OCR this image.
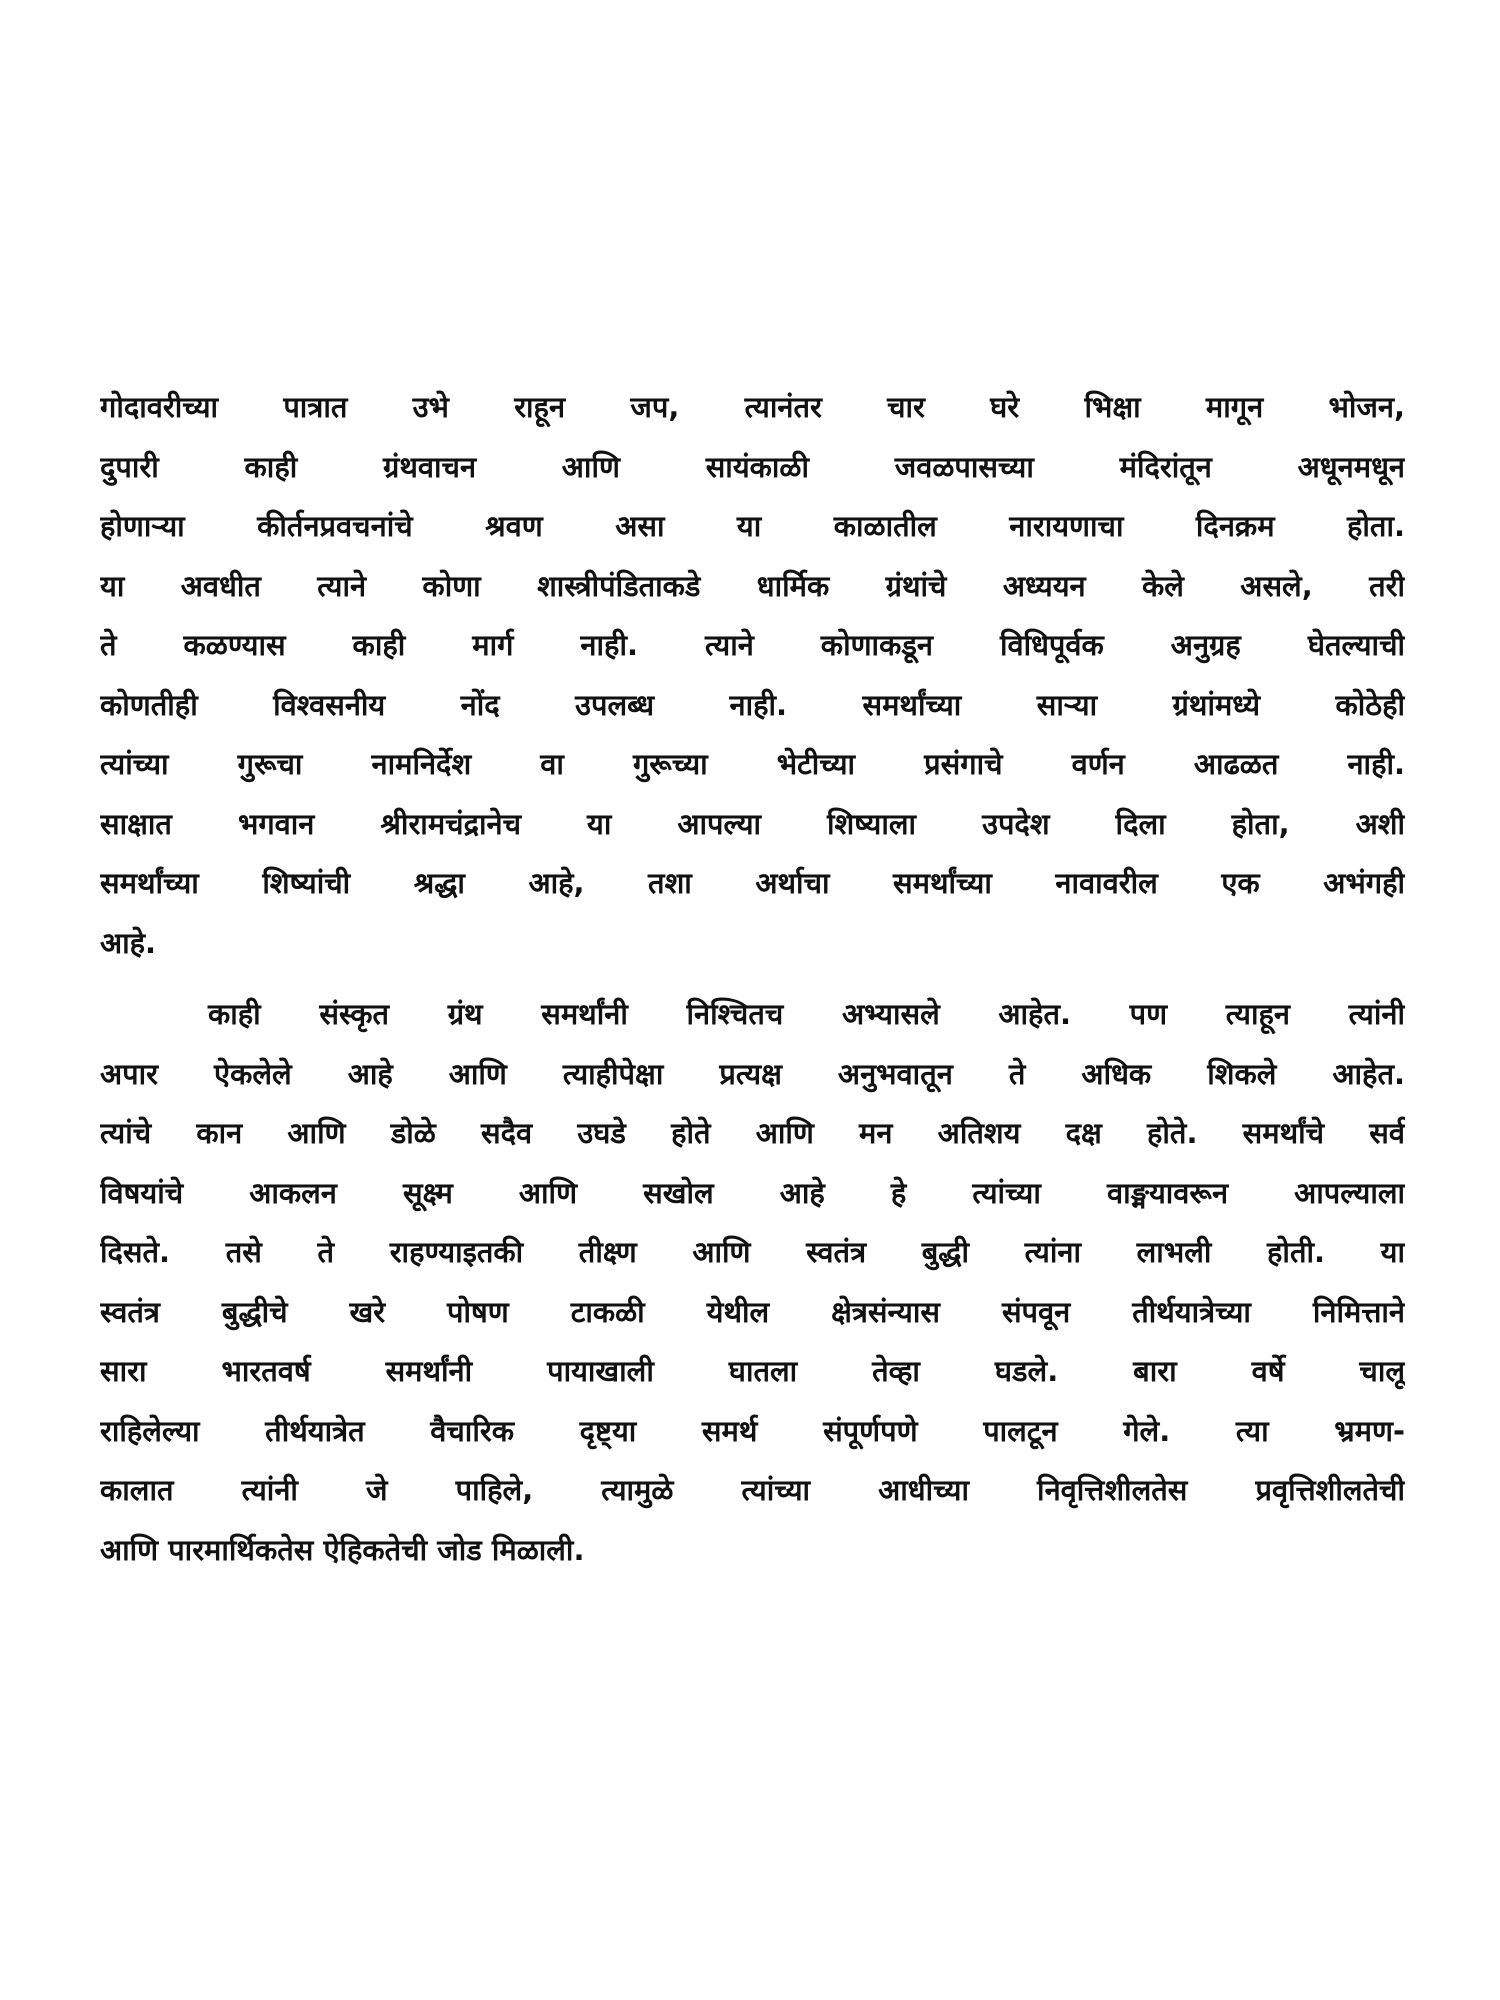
गोदावरीच्या पात्रात उभे राहून जप, त्यानंतर चार घरे भिक्षा मागून भोजन,
दुपारी काही ग्रंथवाचन आणि सायंकाळी जवळपासच्या मंदिरांतून अधूनमधून
होणाऱ्या कीर्तनप्रवचनांचे श्रवण असा या काळातील नारायणाचा दिनक्रम होता.
या अवधीत त्याने कोणा शास्त्रीपंडिताकडे धार्मिक ग्रंथांचे अध्ययन केले असले, तरी
ते कळण्यास काही मार्ग नाही. त्याने कोणाकडून विधिपूर्वक अनुग्रह घेतल्याची
कोणतीही विश्वसनीय नोंद उपलब्ध नाही. समर्थांच्या साऱ्या ग्रंथांमध्ये कोठेही
त्यांच्या गुरूचा नामनिर्देश वा गुरूच्या भेटीच्या प्रसंगाचे वर्णन आढळत नाही.
साक्षात भगवान श्रीरामचंद्रानेच या आपल्या शिष्याला उपदेश दिला होता, अशी
समर्थांच्या शिष्यांची श्रद्धा आहे, तशा अर्थाचा समर्थांच्या नावावरील एक अभंगही
आहे.
काही संस्कृत ग्रंथ समर्थांनी निश्चितच अभ्यासले आहेत. पण त्याहून त्यांनी
अपार ऐकलेले आहे आणि त्याहीपेक्षा प्रत्यक्ष अनुभवातून ते अधिक शिकले आहेत.
त्यांचे कान आणि डोळे सदैव उघडे होते आणि मन अतिशय दक्ष होते. समर्थांचे सर्व
विषयांचे आकलन सूक्ष्म आणि सखोल आहे हे त्यांच्या वाङ्मयावरून आपल्याला
दिसते. तसे ते राहण्याइतकी तीक्ष्ण आणि स्वतंत्र बुद्धी त्यांना लाभली होती. या
स्वतंत्र बुद्धीचे खरे पोषण टाकळी येथील क्षेत्रसंन्यास संपवून तीर्थयात्रेच्या निमित्ताने
सारा भारतवर्ष समर्थांनी पायाखाली घातला तेव्हा घडले. बारा वर्षे चालू
राहिलेल्या तीर्थयात्रेत वैचारिक दृष्ट्या समर्थ संपूर्णपणे पालटून गेले. त्या भ्रमण-
कालात त्यांनी जे पाहिले, त्यामुळे त्यांच्या आधीच्या निवृत्तिशीलतेस प्रवृत्तिशीलतेची
आणि पारमार्थिकतेस ऐहिकतेची जोड मिळाली.
